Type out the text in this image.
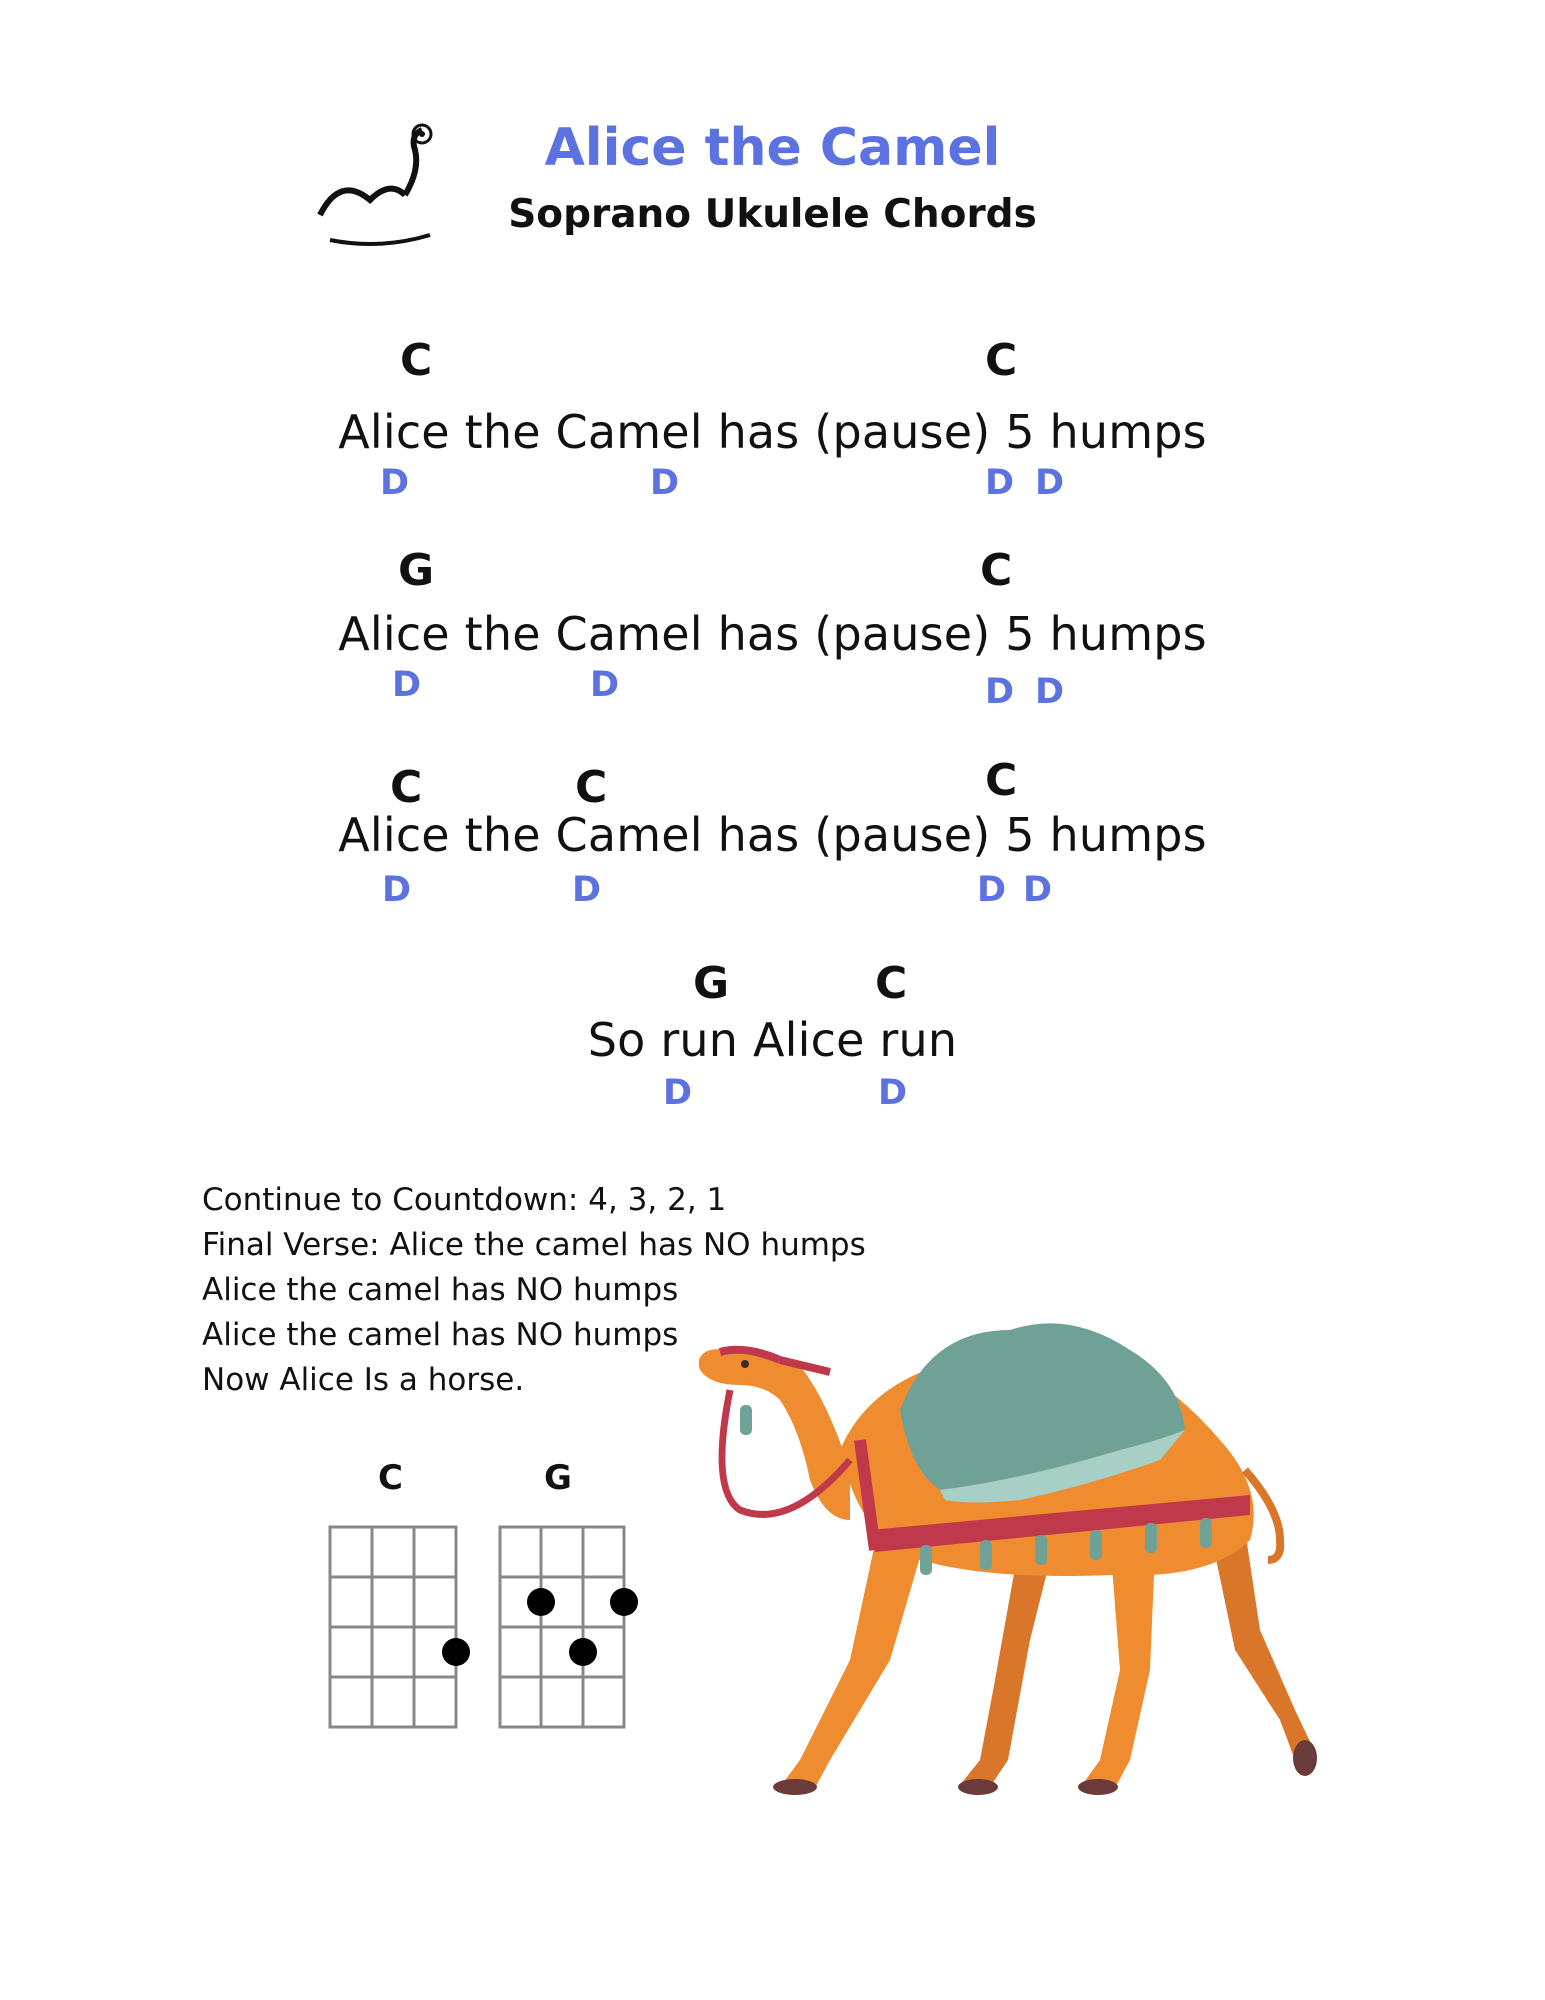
Alice the Camel
Soprano Ukulele Chords
C	C
Alice the Camel has (pause) 5 humps
D	D	D D
G	C
Alice the Camel has (pause) 5 humps
D	D	D D
C	C	C
Alice the Camel has (pause) 5 humps
D	D	D D
G	C
So run Alice run
D	D
Continue to Countdown: 4, 3, 2, 1
Final Verse: Alice the camel has NO humps
Alice the camel has NO humps
Alice the camel has NO humps
Now Alice Is a horse.
C	G
